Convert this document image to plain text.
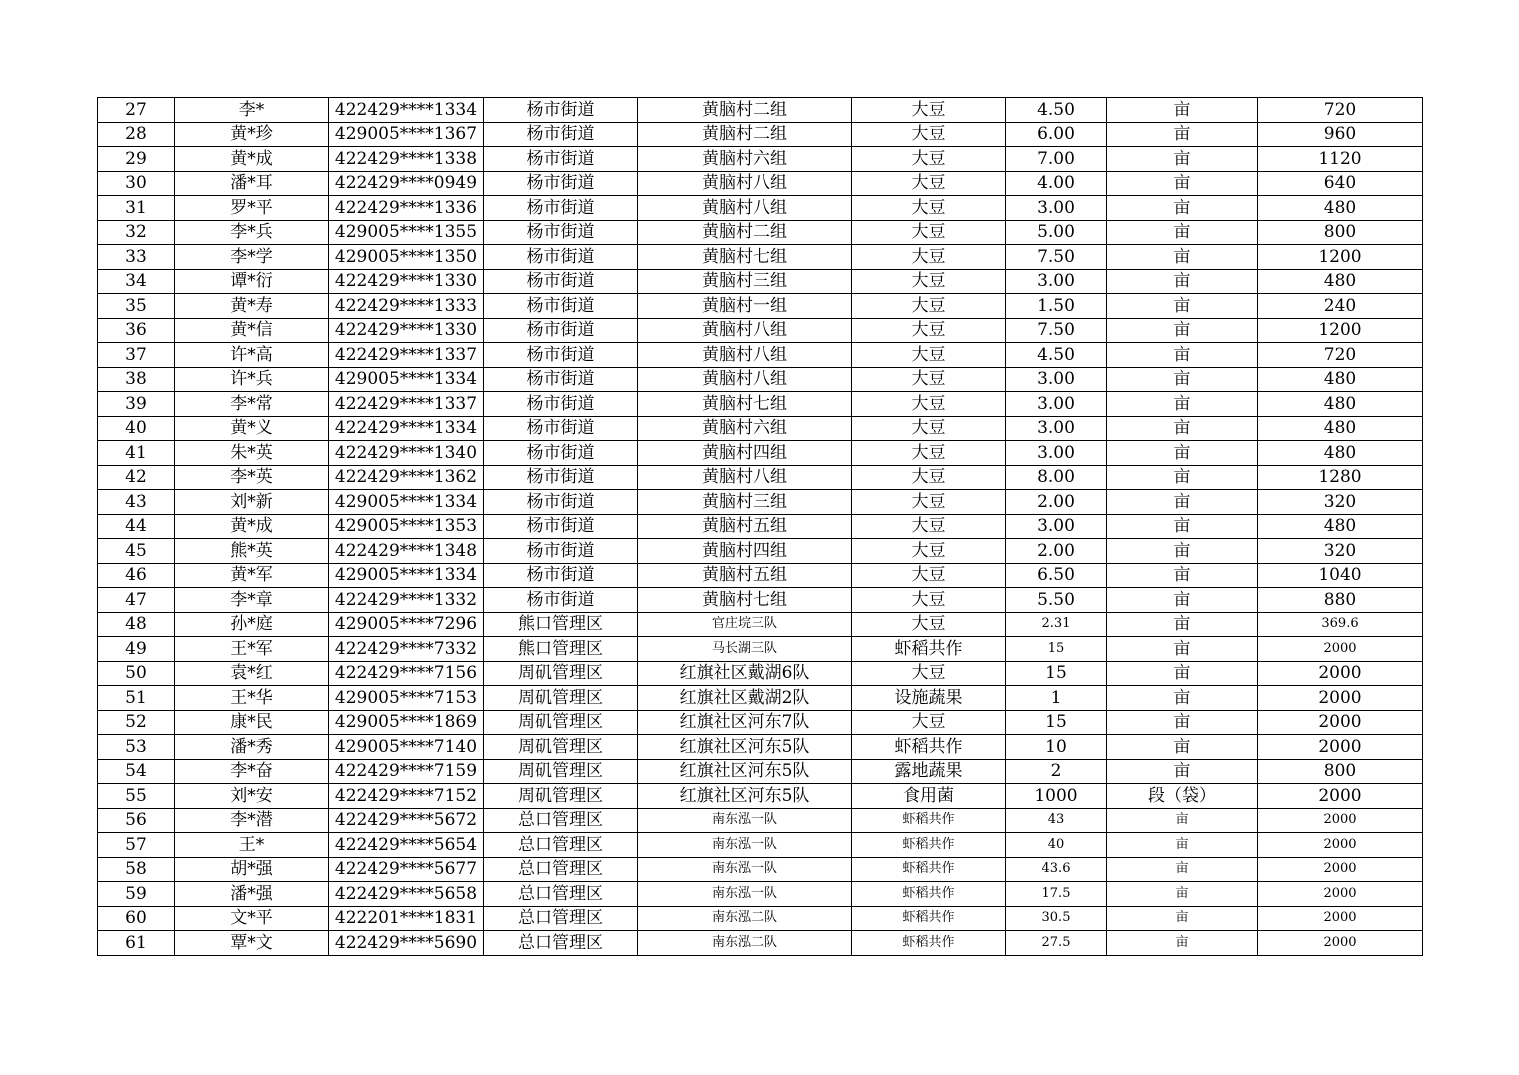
27	李*	422429****1334	杨市街道	黄脑村二组	大豆	4.50	亩	720
28	黄*珍	429005****1367	杨市街道	黄脑村二组	大豆	6.00	亩	960
29	黄*成	422429****1338	杨市街道	黄脑村六组	大豆	7.00	亩	1120
30	潘*耳	422429****0949	杨市街道	黄脑村八组	大豆	4.00	亩	640
31	罗*平	422429****1336	杨市街道	黄脑村八组	大豆	3.00	亩	480
32	李*兵	429005****1355	杨市街道	黄脑村二组	大豆	5.00	亩	800
33	李*学	429005****1350	杨市街道	黄脑村七组	大豆	7.50	亩	1200
34	谭*衍	422429****1330	杨市街道	黄脑村三组	大豆	3.00	亩	480
35	黄*寿	422429****1333	杨市街道	黄脑村一组	大豆	1.50	亩	240
36	黄*信	422429****1330	杨市街道	黄脑村八组	大豆	7.50	亩	1200
37	许*高	422429****1337	杨市街道	黄脑村八组	大豆	4.50	亩	720
38	许*兵	429005****1334	杨市街道	黄脑村八组	大豆	3.00	亩	480
39	李*常	422429****1337	杨市街道	黄脑村七组	大豆	3.00	亩	480
40	黄*义	422429****1334	杨市街道	黄脑村六组	大豆	3.00	亩	480
41	朱*英	422429****1340	杨市街道	黄脑村四组	大豆	3.00	亩	480
42	李*英	422429****1362	杨市街道	黄脑村八组	大豆	8.00	亩	1280
43	刘*新	429005****1334	杨市街道	黄脑村三组	大豆	2.00	亩	320
44	黄*成	429005****1353	杨市街道	黄脑村五组	大豆	3.00	亩	480
45	熊*英	422429****1348	杨市街道	黄脑村四组	大豆	2.00	亩	320
46	黄*军	429005****1334	杨市街道	黄脑村五组	大豆	6.50	亩	1040
47	李*章	422429****1332	杨市街道	黄脑村七组	大豆	5.50	亩	880
48	孙*庭	429005****7296	熊口管理区	官庄垸三队	大豆	2.31	亩	369.6
49	王*军	422429****7332	熊口管理区	马长湖三队	虾稻共作	15	亩	2000
50	袁*红	422429****7156	周矶管理区	红旗社区戴湖6队	大豆	15	亩	2000
51	王*华	429005****7153	周矶管理区	红旗社区戴湖2队	设施蔬果	1	亩	2000
52	康*民	429005****1869	周矶管理区	红旗社区河东7队	大豆	15	亩	2000
53	潘*秀	429005****7140	周矶管理区	红旗社区河东5队	虾稻共作	10	亩	2000
54	李*奋	422429****7159	周矶管理区	红旗社区河东5队	露地蔬果	2	亩	800
55	刘*安	422429****7152	周矶管理区	红旗社区河东5队	食用菌	1000	段（袋）	2000
56	李*潜	422429****5672	总口管理区	南东泓一队	虾稻共作	43	亩	2000
57	王*	422429****5654	总口管理区	南东泓一队	虾稻共作	40	亩	2000
58	胡*强	422429****5677	总口管理区	南东泓一队	虾稻共作	43.6	亩	2000
59	潘*强	422429****5658	总口管理区	南东泓一队	虾稻共作	17.5	亩	2000
60	文*平	422201****1831	总口管理区	南东泓二队	虾稻共作	30.5	亩	2000
61	覃*文	422429****5690	总口管理区	南东泓二队	虾稻共作	27.5	亩	2000
